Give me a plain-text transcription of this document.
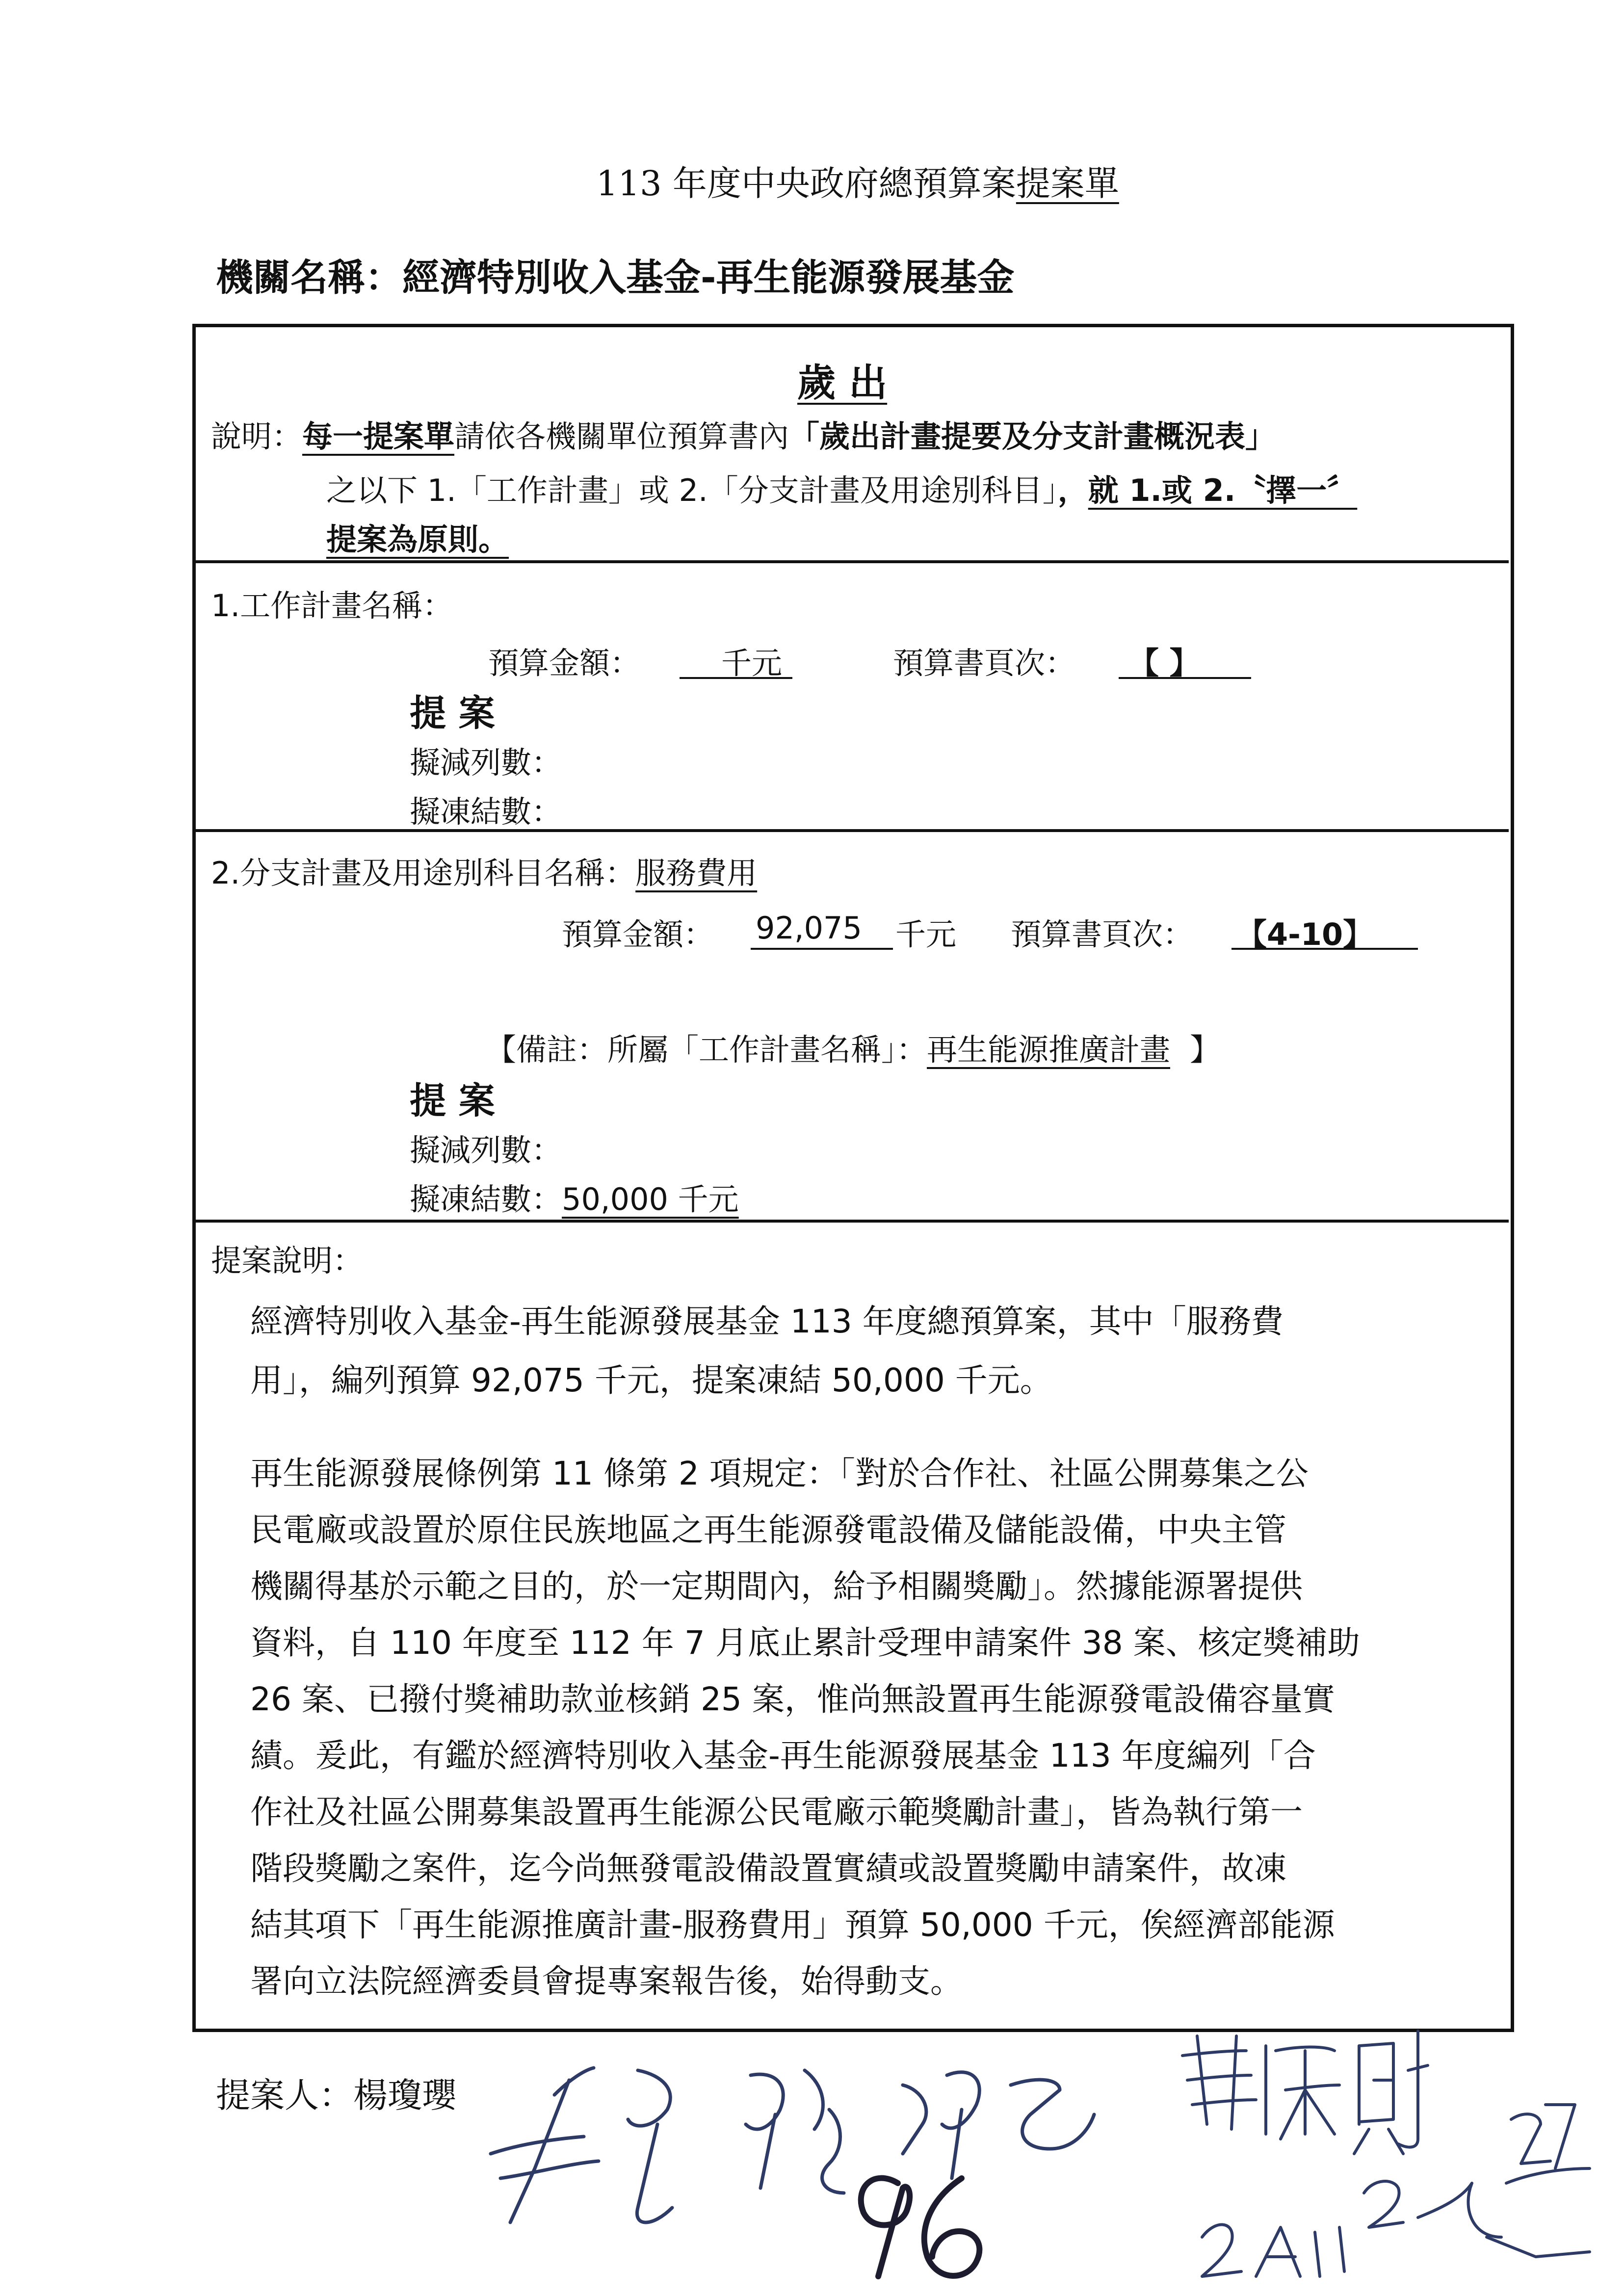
113 年度中央政府總預算案提案單
機關名稱：經濟特別收入基金-再生能源發展基金
歲 出
說明：每一提案單請依各機關單位預算書內「歲出計畫提要及分支計畫概況表」
之以下 1.「工作計畫」或 2.「分支計畫及用途別科目」，就 1.或 2.〝擇一〞
提案為原則。
1.工作計畫名稱：
預算金額：	千元	預算書頁次： 【 】
提 案
擬減列數：
擬凍結數：
2.分支計畫及用途別科目名稱：服務費用
預算金額： 92,075 千元 預算書頁次： 【4-10】
【備註：所屬「工作計畫名稱」：再生能源推廣計畫 】
提 案
擬減列數：
擬凍結數：50,000 千元
提案說明：
經濟特別收入基金-再生能源發展基金 113 年度總預算案，其中「服務費
用」，編列預算 92,075 千元，提案凍結 50,000 千元。
再生能源發展條例第 11 條第 2 項規定：「對於合作社、社區公開募集之公
民電廠或設置於原住民族地區之再生能源發電設備及儲能設備，中央主管
機關得基於示範之目的，於一定期間內，給予相關獎勵」。然據能源署提供
資料，自 110 年度至 112 年 7 月底止累計受理申請案件 38 案、核定獎補助
26 案、已撥付獎補助款並核銷 25 案，惟尚無設置再生能源發電設備容量實
績。爰此，有鑑於經濟特別收入基金-再生能源發展基金 113 年度編列「合
作社及社區公開募集設置再生能源公民電廠示範獎勵計畫」，皆為執行第一
階段獎勵之案件，迄今尚無發電設備設置實績或設置獎勵申請案件，故凍
結其項下「再生能源推廣計畫-服務費用」預算 50,000 千元，俟經濟部能源
署向立法院經濟委員會提專案報告後，始得動支。
提案人：楊瓊瓔
